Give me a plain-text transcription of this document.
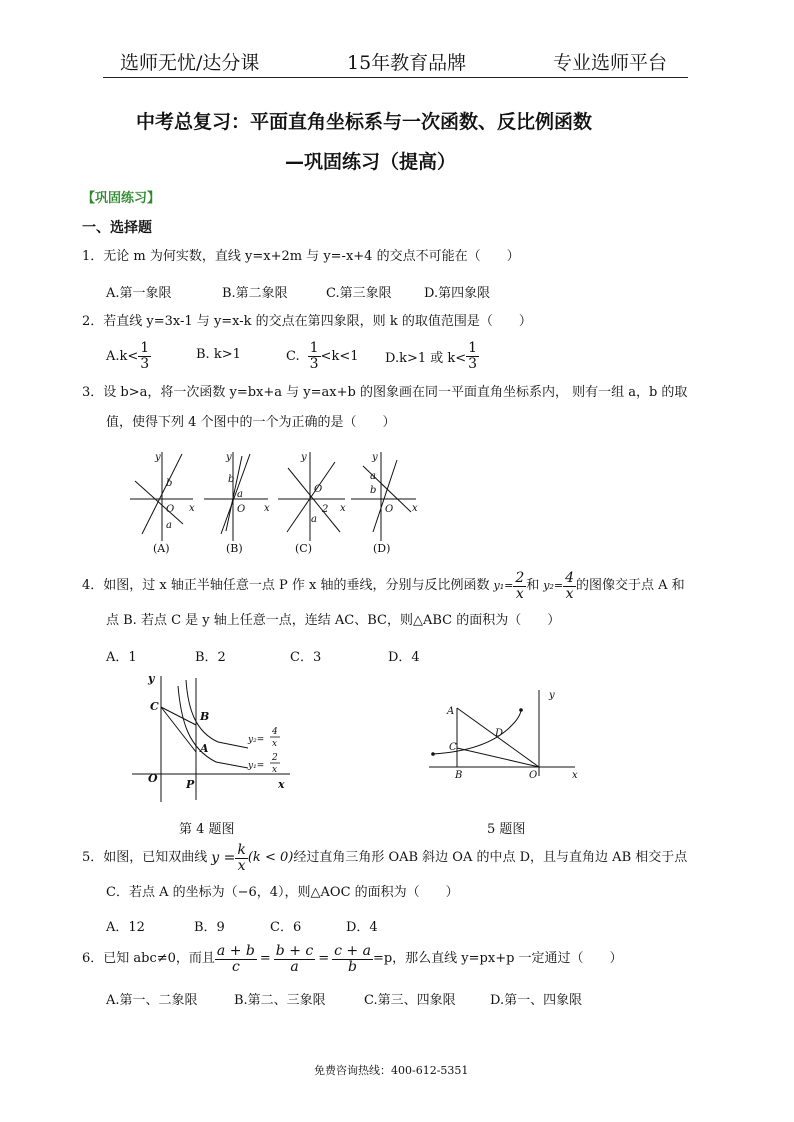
选师无忧/达分课	15年教育品牌	专业选师平台
中考总复习：平面直角坐标系与一次函数、反比例函数
—巩固练习（提高）
【巩固练习】
一、选择题
1．无论 m 为何实数，直线 y=x+2m 与 y=-x+4 的交点不可能在（　　）
A.第一象限	B.第二象限	C.第三象限 D.第四象限
2．若直线 y=3x-1 与 y=x-k 的交点在第四象限，则 k 的取值范围是（　　）
$A.k< \frac{1}{3}$	B. k>1	C. $\frac{1}{3} <k<1$ D.k>1 或 $k< \frac{1}{3}$
3．设 b>a，将一次函数 y=bx+a 与 y=ax+b 的图象画在同一平面直角坐标系内， 则有一组 a，b 的取
值，使得下列 4 个图中的一个为正确的是（　　）
y
b
O x
a
y
b
a
O x
y
O
2
a
x
y
a
b
O x
(A)	(B)	(C)	(D)
4．如图，过 x 轴正半轴任意一点 P 作 x 轴的垂线，分别与反比例函数 $y_1= \frac{2}{x}$ 和 $y_2= \frac{4}{x}$ 的图像交于点 A 和
点 B. 若点 C 是 y 轴上任意一点，连结 AC、BC，则△ABC 的面积为（　　）
A．1	B．2	C．3	D．4
y
C
B
A
O	P	x
y₂=
4
x
y₁=
2
x
第 4 题图
y
A
D
C
B	O	x
5 题图
5．如图，已知双曲线 $y = \frac{k}{x} (k < 0)$ 经过直角三角形 OAB 斜边 OA 的中点 D，且与直角边 AB 相交于点
C．若点 A 的坐标为（−6，4），则△AOC 的面积为（　　）
A．12	B．9	C．6	D．4
6．已知 abc≠0，而且 $\frac{a + b}{c} = \frac{b + c}{a} = \frac{c + a}{b} =p$，那么直线 y=px+p 一定通过（　　）
A.第一、二象限	B.第二、三象限	C.第三、四象限	D.第一、四象限
免费咨询热线：400-612-5351
